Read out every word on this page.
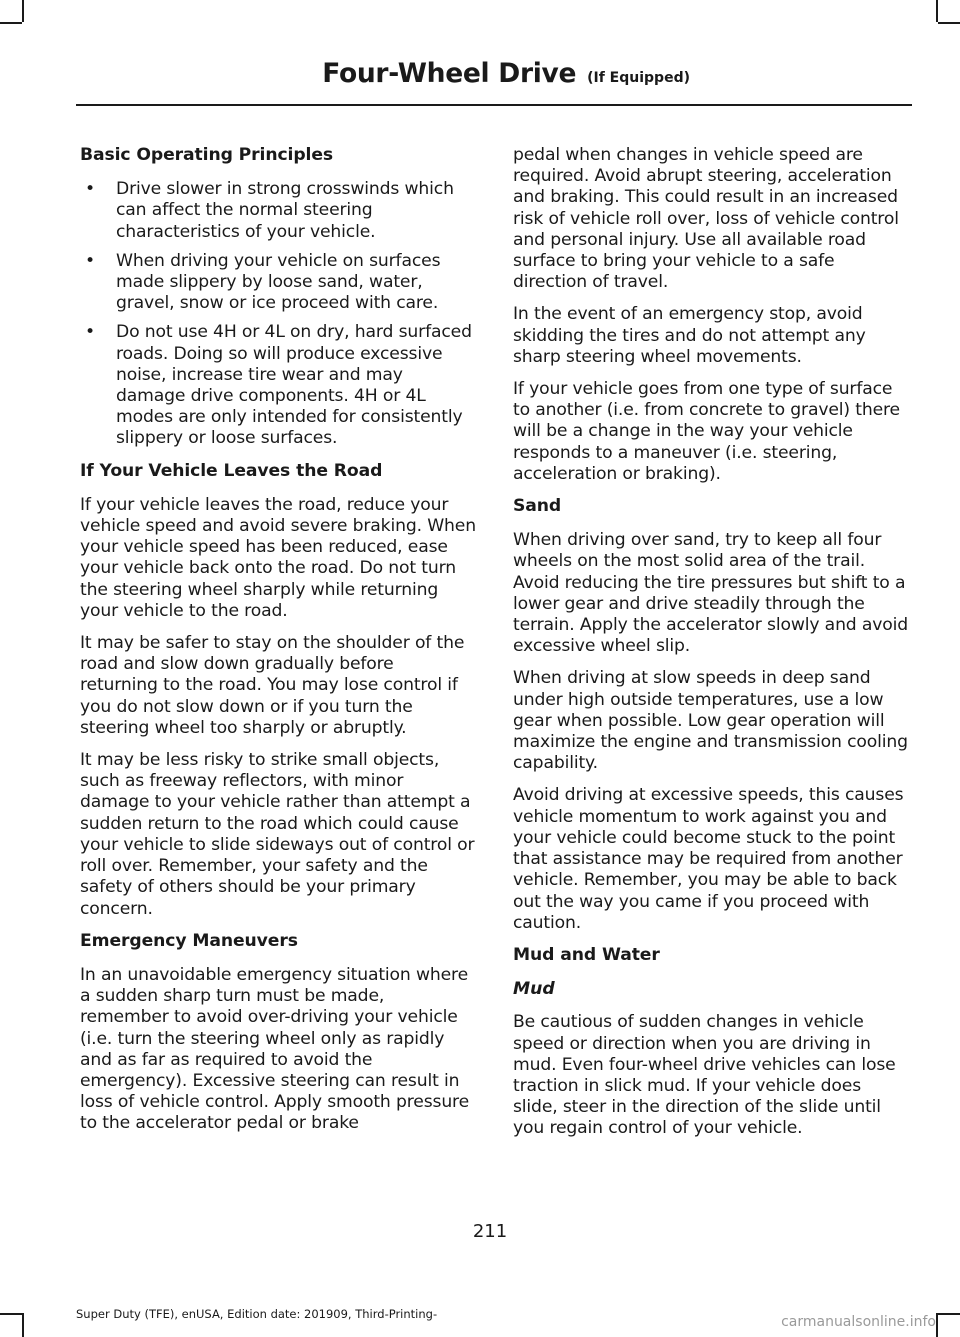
Four-Wheel Drive (If Equipped)
Basic Operating Principles
• Drive slower in strong crosswinds which can affect the normal steering characteristics of your vehicle.
• When driving your vehicle on surfaces made slippery by loose sand, water, gravel, snow or ice proceed with care.
• Do not use 4H or 4L on dry, hard surfaced roads. Doing so will produce excessive noise, increase tire wear and may damage drive components. 4H or 4L modes are only intended for consistently slippery or loose surfaces.
If Your Vehicle Leaves the Road

If your vehicle leaves the road, reduce your vehicle speed and avoid severe braking. When your vehicle speed has been reduced, ease your vehicle back onto the road. Do not turn the steering wheel sharply while returning your vehicle to the road.

It may be safer to stay on the shoulder of the road and slow down gradually before returning to the road. You may lose control if you do not slow down or if you turn the steering wheel too sharply or abruptly.

It may be less risky to strike small objects, such as freeway reflectors, with minor damage to your vehicle rather than attempt a sudden return to the road which could cause your vehicle to slide sideways out of control or roll over. Remember, your safety and the safety of others should be your primary concern.

Emergency Maneuvers

In an unavoidable emergency situation where a sudden sharp turn must be made, remember to avoid over-driving your vehicle (i.e. turn the steering wheel only as rapidly and as far as required to avoid the emergency). Excessive steering can result in loss of vehicle control. Apply smooth pressure to the accelerator pedal or brake

pedal when changes in vehicle speed are required. Avoid abrupt steering, acceleration and braking. This could result in an increased risk of vehicle roll over, loss of vehicle control and personal injury. Use all available road surface to bring your vehicle to a safe direction of travel.

In the event of an emergency stop, avoid skidding the tires and do not attempt any sharp steering wheel movements.

If your vehicle goes from one type of surface to another (i.e. from concrete to gravel) there will be a change in the way your vehicle responds to a maneuver (i.e. steering, acceleration or braking).

Sand

When driving over sand, try to keep all four wheels on the most solid area of the trail. Avoid reducing the tire pressures but shift to a lower gear and drive steadily through the terrain. Apply the accelerator slowly and avoid excessive wheel slip.

When driving at slow speeds in deep sand under high outside temperatures, use a low gear when possible. Low gear operation will maximize the engine and transmission cooling capability.

Avoid driving at excessive speeds, this causes vehicle momentum to work against you and your vehicle could become stuck to the point that assistance may be required from another vehicle. Remember, you may be able to back out the way you came if you proceed with caution.

Mud and Water
Mud

Be cautious of sudden changes in vehicle speed or direction when you are driving in mud. Even four-wheel drive vehicles can lose traction in slick mud. If your vehicle does slide, steer in the direction of the slide until you regain control of your vehicle.

211
Super Duty (TFE), enUSA, Edition date: 201909, Third-Printing-	carmanualsonline.info
